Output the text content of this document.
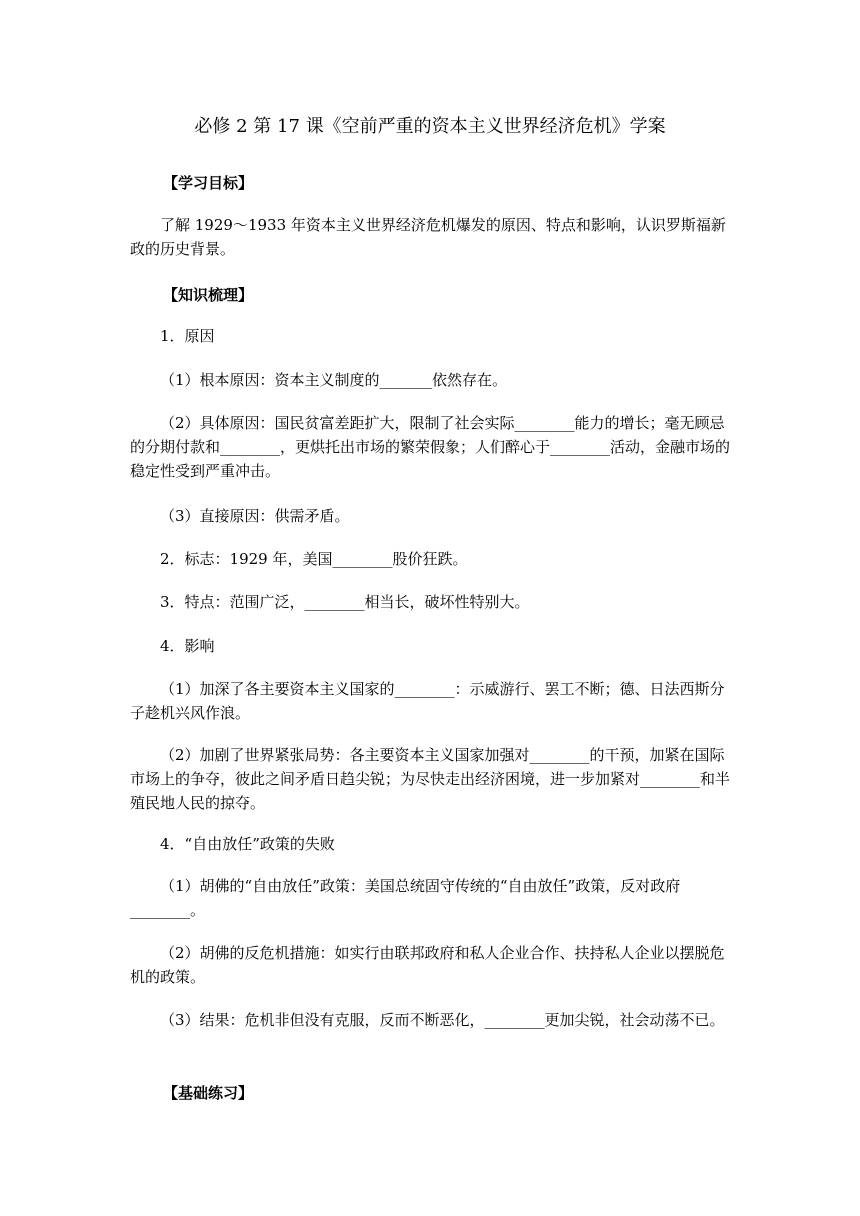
必修 2 第 17 课《空前严重的资本主义世界经济危机》学案
【学习目标】

了解 1929～1933 年资本主义世界经济危机爆发的原因、特点和影响，认识罗斯福新政的历史背景。

【知识梳理】

1．原因

（1）根本原因：资本主义制度的_______依然存在。

（2）具体原因：国民贫富差距扩大，限制了社会实际________能力的增长；毫无顾忌的分期付款和________，更烘托出市场的繁荣假象；人们醉心于________活动，金融市场的稳定性受到严重冲击。

（3）直接原因：供需矛盾。

2．标志：1929 年，美国________股价狂跌。

3．特点：范围广泛，________相当长，破坏性特别大。

4．影响

（1）加深了各主要资本主义国家的________：示威游行、罢工不断；德、日法西斯分子趁机兴风作浪。

（2）加剧了世界紧张局势：各主要资本主义国家加强对________的干预，加紧在国际市场上的争夺，彼此之间矛盾日趋尖锐；为尽快走出经济困境，进一步加紧对________和半殖民地人民的掠夺。

4．“自由放任”政策的失败

（1）胡佛的“自由放任”政策：美国总统固守传统的“自由放任”政策，反对政府________。

（2）胡佛的反危机措施：如实行由联邦政府和私人企业合作、扶持私人企业以摆脱危机的政策。

（3）结果：危机非但没有克服，反而不断恶化，________更加尖锐，社会动荡不已。

【基础练习】
